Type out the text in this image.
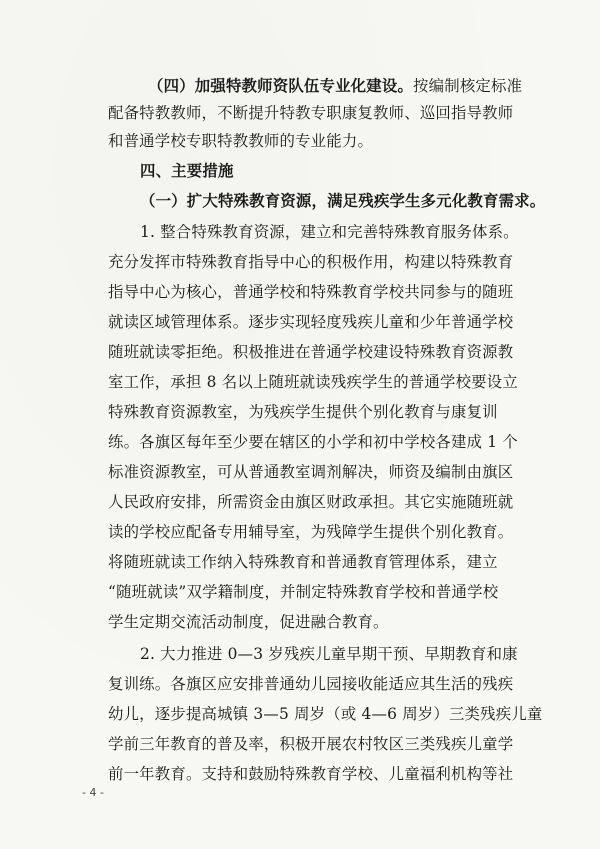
（四）加强特教师资队伍专业化建设。按编制核定标准
配备特教教师，不断提升特教专职康复教师、巡回指导教师
和普通学校专职特教教师的专业能力。
四、主要措施
（一）扩大特殊教育资源，满足残疾学生多元化教育需求。
1. 整合特殊教育资源，建立和完善特殊教育服务体系。
充分发挥市特殊教育指导中心的积极作用，构建以特殊教育
指导中心为核心，普通学校和特殊教育学校共同参与的随班
就读区域管理体系。逐步实现轻度残疾儿童和少年普通学校
随班就读零拒绝。积极推进在普通学校建设特殊教育资源教
室工作，承担 8 名以上随班就读残疾学生的普通学校要设立
特殊教育资源教室，为残疾学生提供个别化教育与康复训
练。各旗区每年至少要在辖区的小学和初中学校各建成 1 个
标准资源教室，可从普通教室调剂解决，师资及编制由旗区
人民政府安排，所需资金由旗区财政承担。其它实施随班就
读的学校应配备专用辅导室，为残障学生提供个别化教育。
将随班就读工作纳入特殊教育和普通教育管理体系，建立
“随班就读”双学籍制度，并制定特殊教育学校和普通学校
学生定期交流活动制度，促进融合教育。
2. 大力推进 0—3 岁残疾儿童早期干预、早期教育和康
复训练。各旗区应安排普通幼儿园接收能适应其生活的残疾
幼儿，逐步提高城镇 3—5 周岁（或 4—6 周岁）三类残疾儿童
学前三年教育的普及率，积极开展农村牧区三类残疾儿童学
前一年教育。支持和鼓励特殊教育学校、儿童福利机构等社
- 4 -
